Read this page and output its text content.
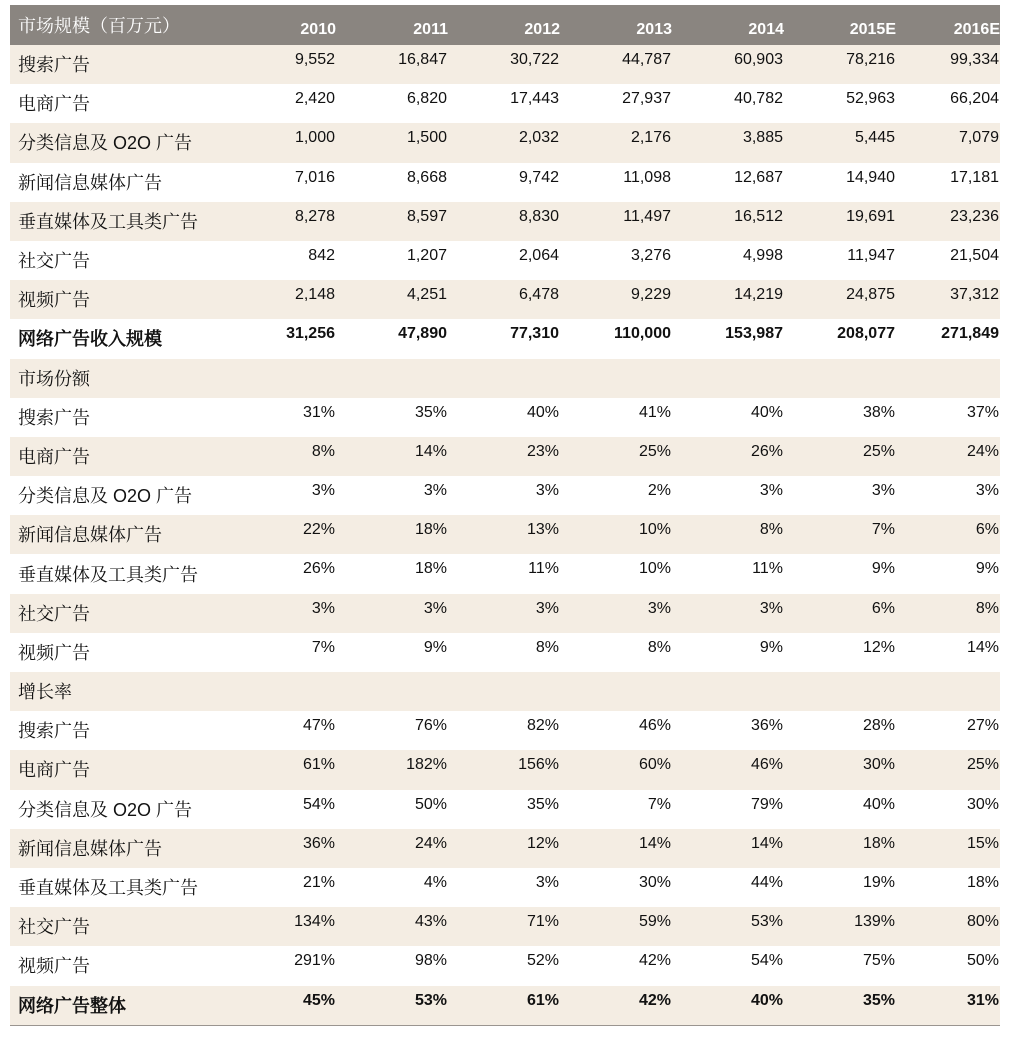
市场规模（百万元）	2010	2011	2012	2013	2014	2015E	2016E
搜索广告	9,552	16,847	30,722	44,787	60,903	78,216	99,334
电商广告	2,420	6,820	17,443	27,937	40,782	52,963	66,204
分类信息及 O2O 广告	1,000	1,500	2,032	2,176	3,885	5,445	7,079
新闻信息媒体广告	7,016	8,668	9,742	11,098	12,687	14,940	17,181
垂直媒体及工具类广告	8,278	8,597	8,830	11,497	16,512	19,691	23,236
社交广告	842	1,207	2,064	3,276	4,998	11,947	21,504
视频广告	2,148	4,251	6,478	9,229	14,219	24,875	37,312
网络广告收入规模	31,256	47,890	77,310	110,000	153,987	208,077	271,849
市场份额							
搜索广告	31%	35%	40%	41%	40%	38%	37%
电商广告	8%	14%	23%	25%	26%	25%	24%
分类信息及 O2O 广告	3%	3%	3%	2%	3%	3%	3%
新闻信息媒体广告	22%	18%	13%	10%	8%	7%	6%
垂直媒体及工具类广告	26%	18%	11%	10%	11%	9%	9%
社交广告	3%	3%	3%	3%	3%	6%	8%
视频广告	7%	9%	8%	8%	9%	12%	14%
增长率							
搜索广告	47%	76%	82%	46%	36%	28%	27%
电商广告	61%	182%	156%	60%	46%	30%	25%
分类信息及 O2O 广告	54%	50%	35%	7%	79%	40%	30%
新闻信息媒体广告	36%	24%	12%	14%	14%	18%	15%
垂直媒体及工具类广告	21%	4%	3%	30%	44%	19%	18%
社交广告	134%	43%	71%	59%	53%	139%	80%
视频广告	291%	98%	52%	42%	54%	75%	50%
网络广告整体	45%	53%	61%	42%	40%	35%	31%
